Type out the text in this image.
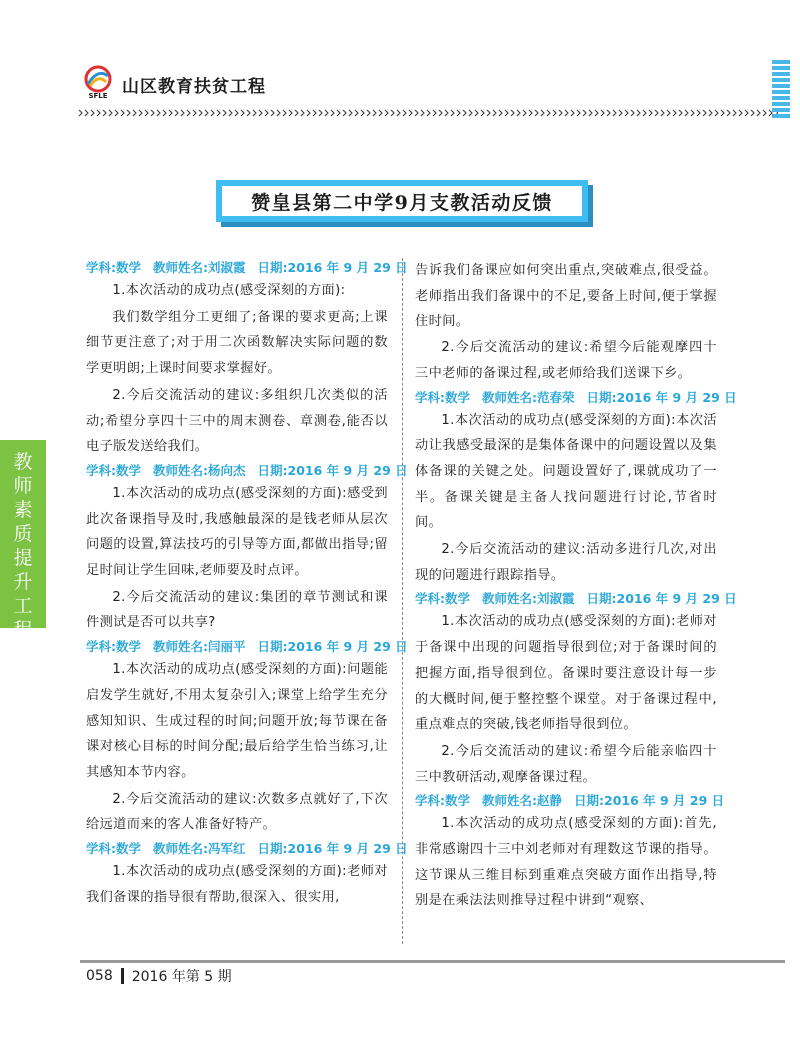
SFLE 山区教育扶贫工程
赞皇县第二中学9月支教活动反馈
教
师
素
质
提
升
工
程
学科:数学 教师姓名:刘淑霞 日期:2016 年 9 月 29 日

1.本次活动的成功点(感受深刻的方面):

我们数学组分工更细了;备课的要求更高;上课细节更注意了;对于用二次函数解决实际问题的数学更明朗;上课时间要求掌握好。

2.今后交流活动的建议:多组织几次类似的活动;希望分享四十三中的周末测卷、章测卷,能否以电子版发送给我们。

学科:数学 教师姓名:杨向杰 日期:2016 年 9 月 29 日

1.本次活动的成功点(感受深刻的方面):感受到此次备课指导及时,我感触最深的是钱老师从层次问题的设置,算法技巧的引导等方面,都做出指导;留足时间让学生回味,老师要及时点评。

2.今后交流活动的建议:集团的章节测试和课件测试是否可以共享?

学科:数学 教师姓名:闫丽平 日期:2016 年 9 月 29 日

1.本次活动的成功点(感受深刻的方面):问题能启发学生就好,不用太复杂引入;课堂上给学生充分感知知识、生成过程的时间;问题开放;每节课在备课对核心目标的时间分配;最后给学生恰当练习,让其感知本节内容。

2.今后交流活动的建议:次数多点就好了,下次给远道而来的客人准备好特产。

学科:数学 教师姓名:冯军红 日期:2016 年 9 月 29 日

1.本次活动的成功点(感受深刻的方面):老师对我们备课的指导很有帮助,很深入、很实用,

告诉我们备课应如何突出重点,突破难点,很受益。老师指出我们备课中的不足,要备上时间,便于掌握住时间。

2.今后交流活动的建议:希望今后能观摩四十三中老师的备课过程,或老师给我们送课下乡。

学科:数学 教师姓名:范春荣 日期:2016 年 9 月 29 日

1.本次活动的成功点(感受深刻的方面):本次活动让我感受最深的是集体备课中的问题设置以及集体备课的关键之处。问题设置好了,课就成功了一半。备课关键是主备人找问题进行讨论,节省时间。

2.今后交流活动的建议:活动多进行几次,对出现的问题进行跟踪指导。

学科:数学 教师姓名:刘淑霞 日期:2016 年 9 月 29 日

1.本次活动的成功点(感受深刻的方面):老师对于备课中出现的问题指导很到位;对于备课时间的把握方面,指导很到位。备课时要注意设计每一步的大概时间,便于整控整个课堂。对于备课过程中,重点难点的突破,钱老师指导很到位。

2.今后交流活动的建议:希望今后能亲临四十三中教研活动,观摩备课过程。

学科:数学 教师姓名:赵静 日期:2016 年 9 月 29 日

1.本次活动的成功点(感受深刻的方面):首先,非常感谢四十三中刘老师对有理数这节课的指导。这节课从三维目标到重难点突破方面作出指导,特别是在乘法法则推导过程中讲到“观察、

058 2016 年第 5 期
